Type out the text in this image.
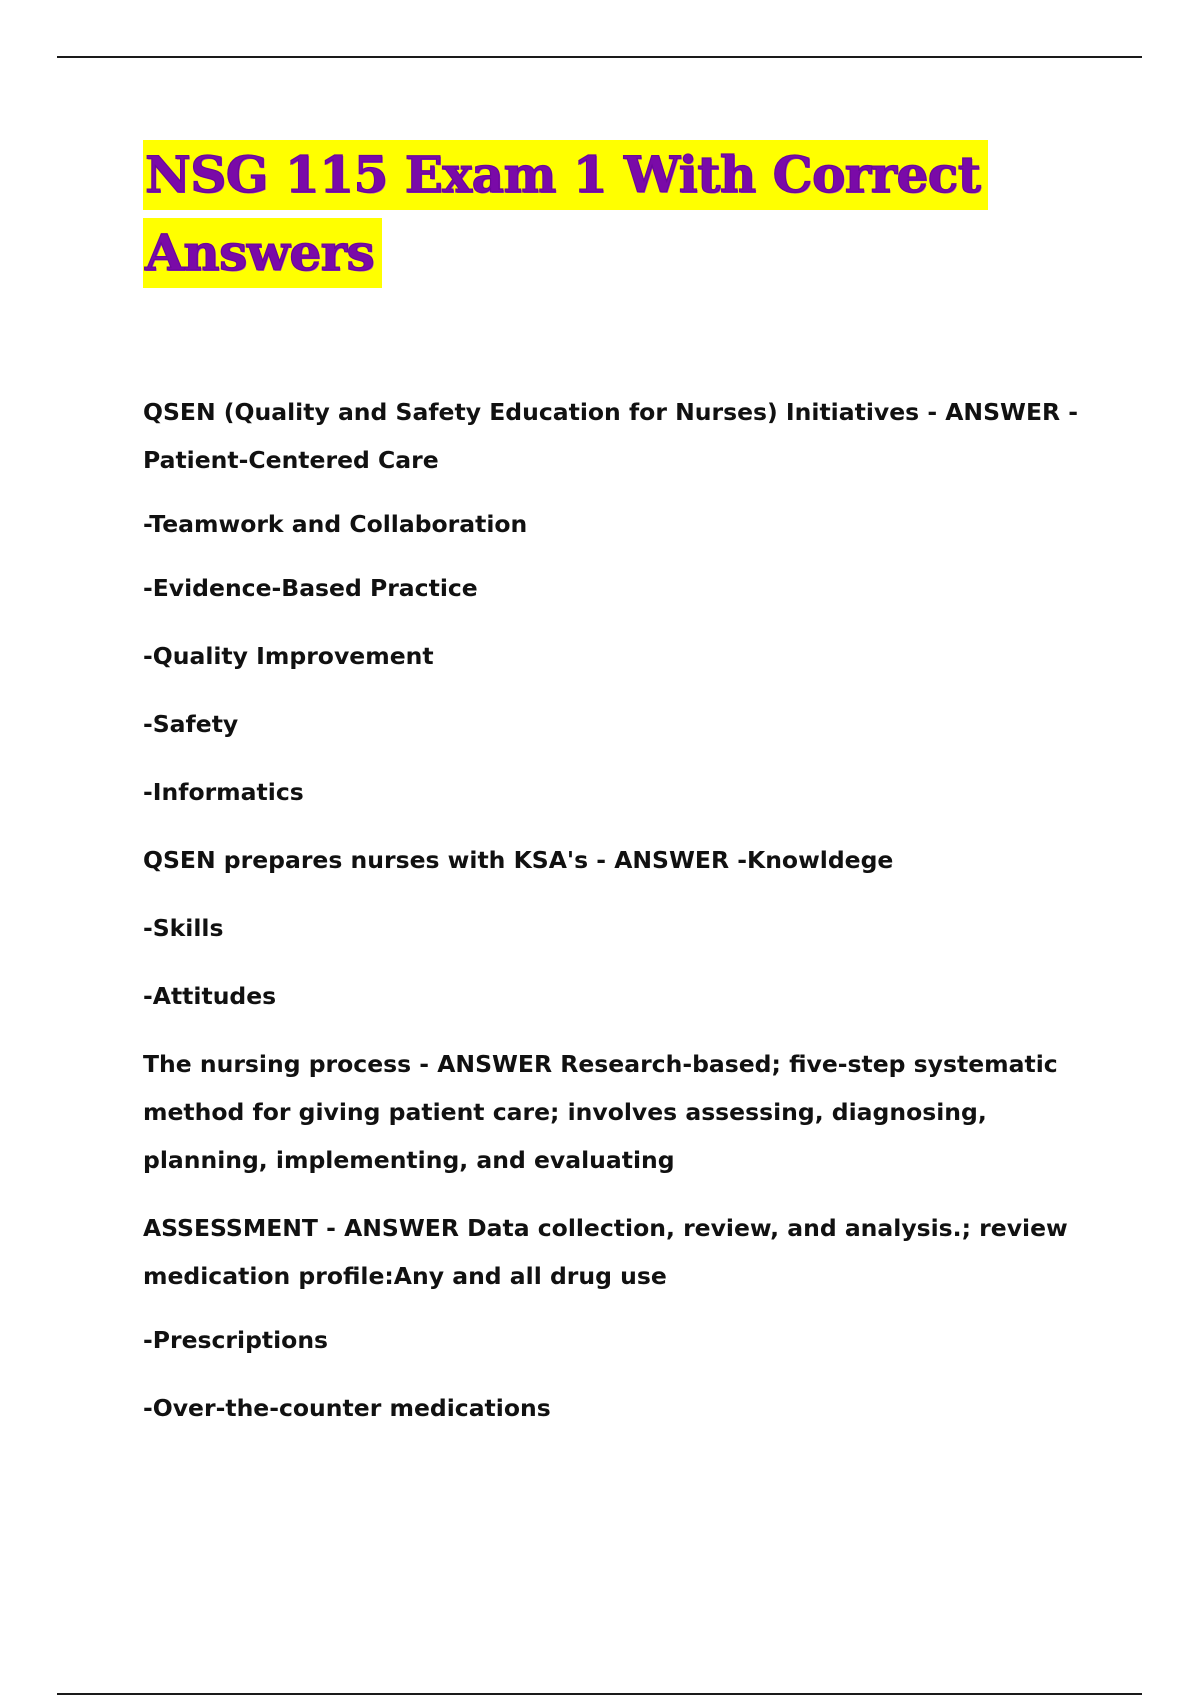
NSG 115 Exam 1 With Correct
Answers

QSEN (Quality and Safety Education for Nurses) Initiatives - ANSWER -Patient-Centered Care

-Teamwork and Collaboration

-Evidence-Based Practice

-Quality Improvement

-Safety

-Informatics

QSEN prepares nurses with KSA's - ANSWER -Knowldege

-Skills

-Attitudes

The nursing process - ANSWER Research-based; five-step systematic method for giving patient care; involves assessing, diagnosing, planning, implementing, and evaluating

ASSESSMENT - ANSWER Data collection, review, and analysis.; review medication profile:Any and all drug use

-Prescriptions

-Over-the-counter medications
